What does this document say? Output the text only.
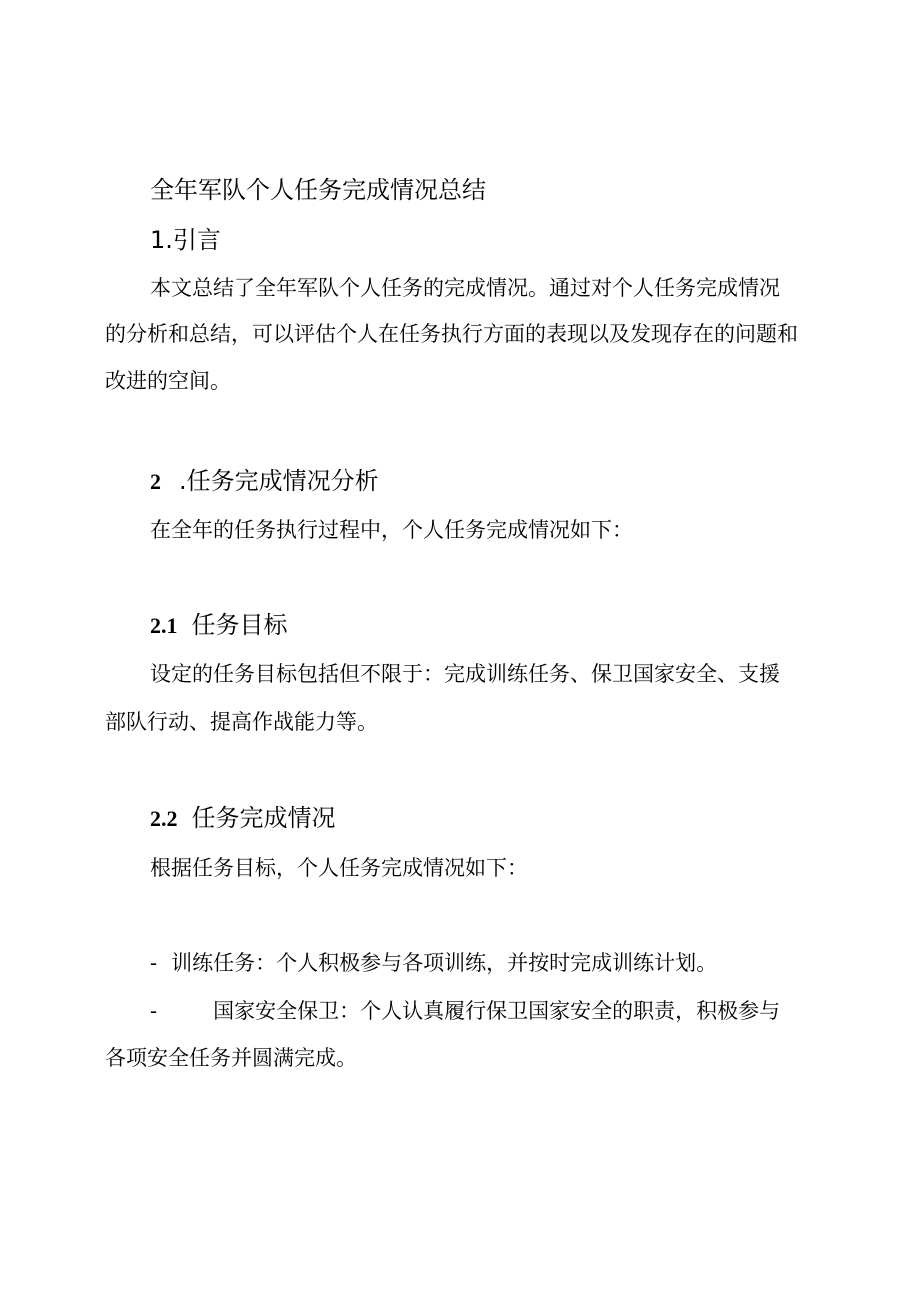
全年军队个人任务完成情况总结
1.引言
本文总结了全年军队个人任务的完成情况。通过对个人任务完成情况
的分析和总结，可以评估个人在任务执行方面的表现以及发现存在的问题和
改进的空间。
2 .任务完成情况分析
在全年的任务执行过程中，个人任务完成情况如下：
2.1 任务目标
设定的任务目标包括但不限于：完成训练任务、保卫国家安全、支援
部队行动、提高作战能力等。
2.2 任务完成情况
根据任务目标，个人任务完成情况如下：
- 训练任务：个人积极参与各项训练，并按时完成训练计划。
-	国家安全保卫：个人认真履行保卫国家安全的职责，积极参与
各项安全任务并圆满完成。
